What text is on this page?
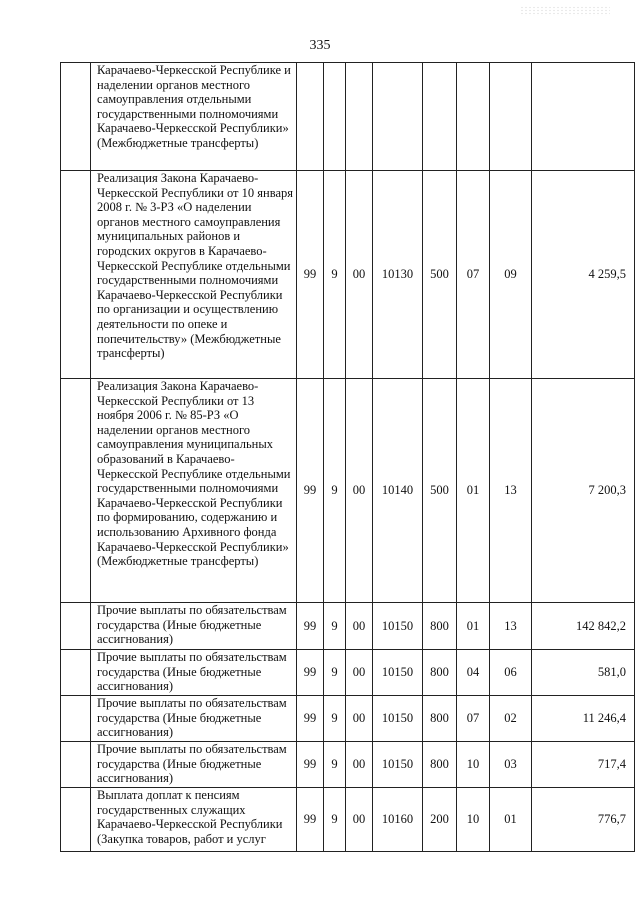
335
	Карачаево-Черкесской Республике и наделении органов местного самоуправления отдельными государственными полномочиями Карачаево-Черкесской Республики» (Межбюджетные трансферты)								
	Реализация Закона Карачаево-Черкесской Республики от 10 января 2008 г. № 3-РЗ «О наделении органов местного самоуправления муниципальных районов и городских округов в Карачаево-Черкесской Республике отдельными государственными полномочиями Карачаево-Черкесской Республики по организации и осуществлению деятельности по опеке и попечительству» (Межбюджетные трансферты)	99	9	00	10130	500	07	09	4 259,5
	Реализация Закона Карачаево-Черкесской Республики от 13 ноября 2006 г. № 85-РЗ «О наделении органов местного самоуправления муниципальных образований в Карачаево-Черкесской Республике отдельными государственными полномочиями Карачаево-Черкесской Республики по формированию, содержанию и использованию Архивного фонда Карачаево-Черкесской Республики» (Межбюджетные трансферты)	99	9	00	10140	500	01	13	7 200,3
	Прочие выплаты по обязательствам государства (Иные бюджетные ассигнования)	99	9	00	10150	800	01	13	142 842,2
	Прочие выплаты по обязательствам государства (Иные бюджетные ассигнования)	99	9	00	10150	800	04	06	581,0
	Прочие выплаты по обязательствам государства (Иные бюджетные ассигнования)	99	9	00	10150	800	07	02	11 246,4
	Прочие выплаты по обязательствам государства (Иные бюджетные ассигнования)	99	9	00	10150	800	10	03	717,4
	Выплата доплат к пенсиям государственных служащих Карачаево-Черкесской Республики (Закупка товаров, работ и услуг	99	9	00	10160	200	10	01	776,7
